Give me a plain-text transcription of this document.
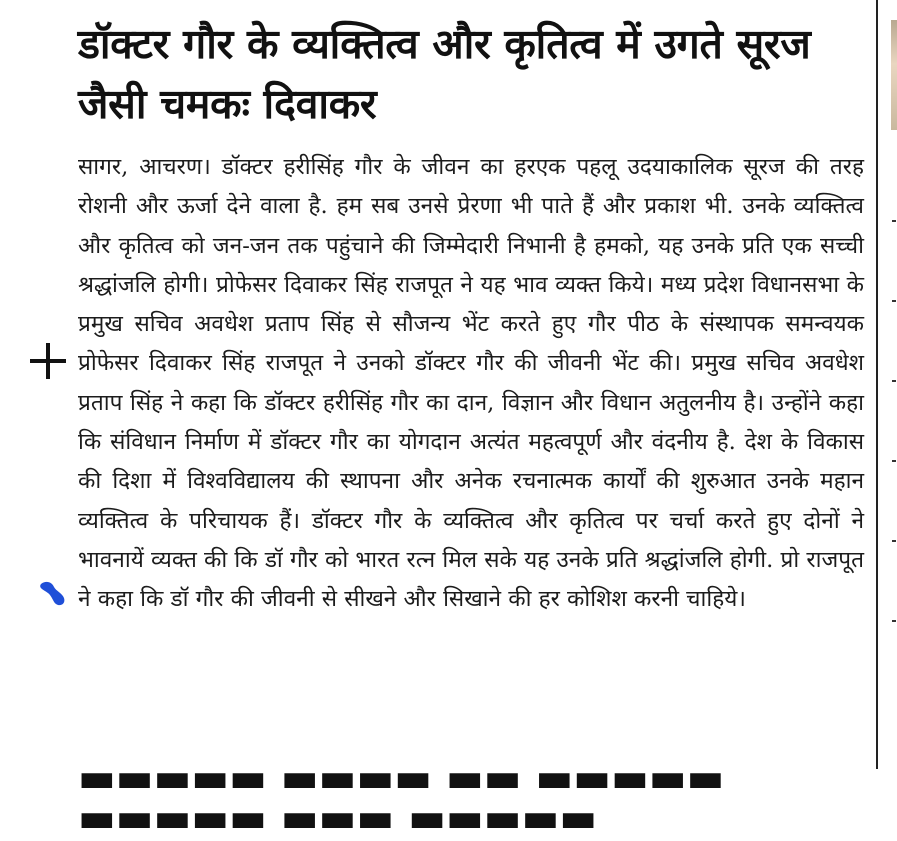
डॉक्टर गौर के व्यक्तित्व और कृतित्व में उगते सूरज जैसी चमकः दिवाकर

सागर, आचरण। डॉक्टर हरीसिंह गौर के जीवन का हरएक पहलू उदयाकालिक सूरज की तरह रोशनी और ऊर्जा देने वाला है. हम सब उनसे प्रेरणा भी पाते हैं और प्रकाश भी. उनके व्यक्तित्व और कृतित्व को जन-जन तक पहुंचाने की जिम्मेदारी निभानी है हमको, यह उनके प्रति एक सच्ची श्रद्धांजलि होगी। प्रोफेसर दिवाकर सिंह राजपूत ने यह भाव व्यक्त किये। मध्य प्रदेश विधानसभा के प्रमुख सचिव अवधेश प्रताप सिंह से सौजन्य भेंट करते हुए गौर पीठ के संस्थापक समन्वयक प्रोफेसर दिवाकर सिंह राजपूत ने उनको डॉक्टर गौर की जीवनी भेंट की। प्रमुख सचिव अवधेश प्रताप सिंह ने कहा कि डॉक्टर हरीसिंह गौर का दान, विज्ञान और विधान अतुलनीय है। उन्होंने कहा कि संविधान निर्माण में डॉक्टर गौर का योगदान अत्यंत महत्वपूर्ण और वंदनीय है. देश के विकास की दिशा में विश्वविद्यालय की स्थापना और अनेक रचनात्मक कार्यों की शुरुआत उनके महान व्यक्तित्व के परिचायक हैं। डॉक्टर गौर के व्यक्तित्व और कृतित्व पर चर्चा करते हुए दोनों ने भावनायें व्यक्त की कि डॉ गौर को भारत रत्न मिल सके यह उनके प्रति श्रद्धांजलि होगी. प्रो राजपूत ने कहा कि डॉ गौर की जीवनी से सीखने और सिखाने की हर कोशिश करनी चाहिये।

▬▬▬▬▬ ▬▬▬▬ ▬▬ ▬▬▬▬▬ ▬▬▬▬▬ ▬▬▬ ▬▬▬▬▬
